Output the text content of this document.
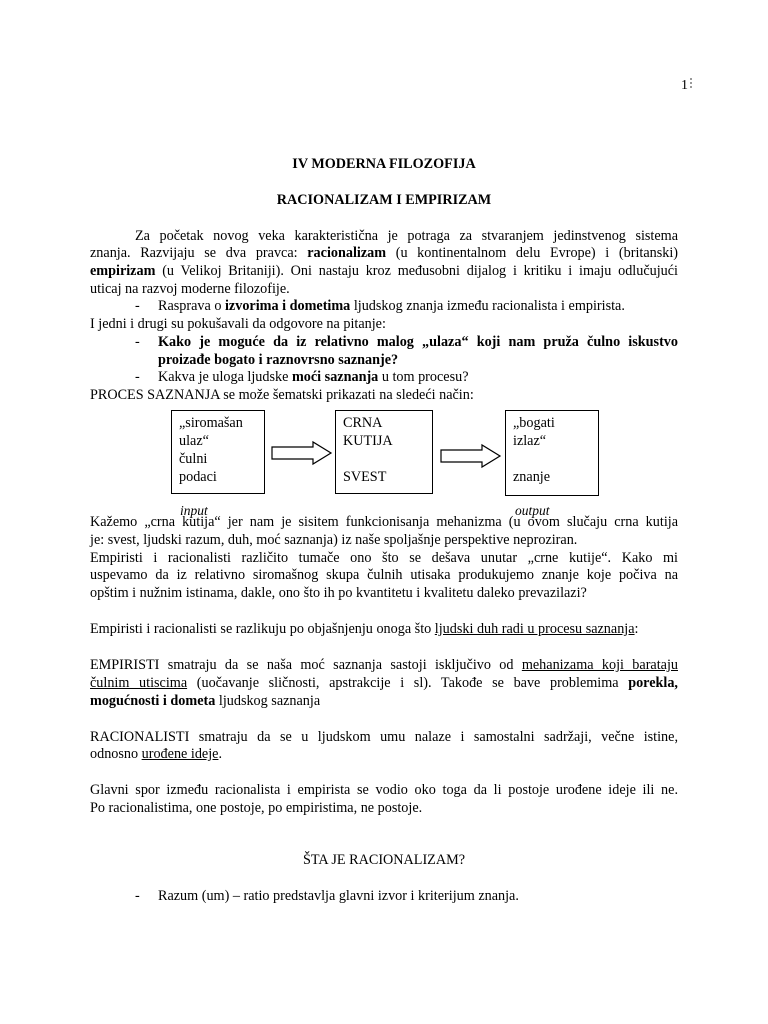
1
IV MODERNA FILOZOFIJA
RACIONALIZAM I EMPIRIZAM
Za početak novog veka karakteristična je potraga za stvaranjem jedinstvenog sistema
znanja. Razvijaju se dva pravca: racionalizam (u kontinentalnom delu Evrope) i (britanski)
empirizam (u Velikoj Britaniji). Oni nastaju kroz međusobni dijalog i kritiku i imaju odlučujući
uticaj na razvoj moderne filozofije.
-	Rasprava o izvorima i dometima ljudskog znanja između racionalista i empirista.
I jedni i drugi su pokušavali da odgovore na pitanje:
-	Kako je moguće da iz relativno malog „ulaza“ koji nam pruža čulno iskustvo
proizađe bogato i raznovrsno saznanje?
-	Kakva je uloga ljudske moći saznanja u tom procesu?
PROCES SAZNANJA se može šematski prikazati na sledeći način:
„siromašan
ulaz“
čulni
podaci
CRNA
KUTIJA
SVEST
„bogati
izlaz“
znanje
input	output
Kažemo „crna kutija“ jer nam je sisitem funkcionisanja mehanizma (u ovom slučaju crna kutija
je: svest, ljudski razum, duh, moć saznanja) iz naše spoljašnje perspektive neproziran.
Empiristi i racionalisti različito tumače ono što se dešava unutar „crne kutije“. Kako mi
uspevamo da iz relativno siromašnog skupa čulnih utisaka produkujemo znanje koje počiva na
opštim i nužnim istinama, dakle, ono što ih po kvantitetu i kvalitetu daleko prevazilazi?
Empiristi i racionalisti se razlikuju po objašnjenju onoga što ljudski duh radi u procesu saznanja:
EMPIRISTI smatraju da se naša moć saznanja sastoji isključivo od mehanizama koji barataju
čulnim utiscima (uočavanje sličnosti, apstrakcije i sl). Takođe se bave problemima porekla,
mogućnosti i dometa ljudskog saznanja
RACIONALISTI smatraju da se u ljudskom umu nalaze i samostalni sadržaji, večne istine,
odnosno urođene ideje.
Glavni spor između racionalista i empirista se vodio oko toga da li postoje urođene ideje ili ne.
Po racionalistima, one postoje, po empiristima, ne postoje.
ŠTA JE RACIONALIZAM?
-	Razum (um) – ratio predstavlja glavni izvor i kriterijum znanja.
